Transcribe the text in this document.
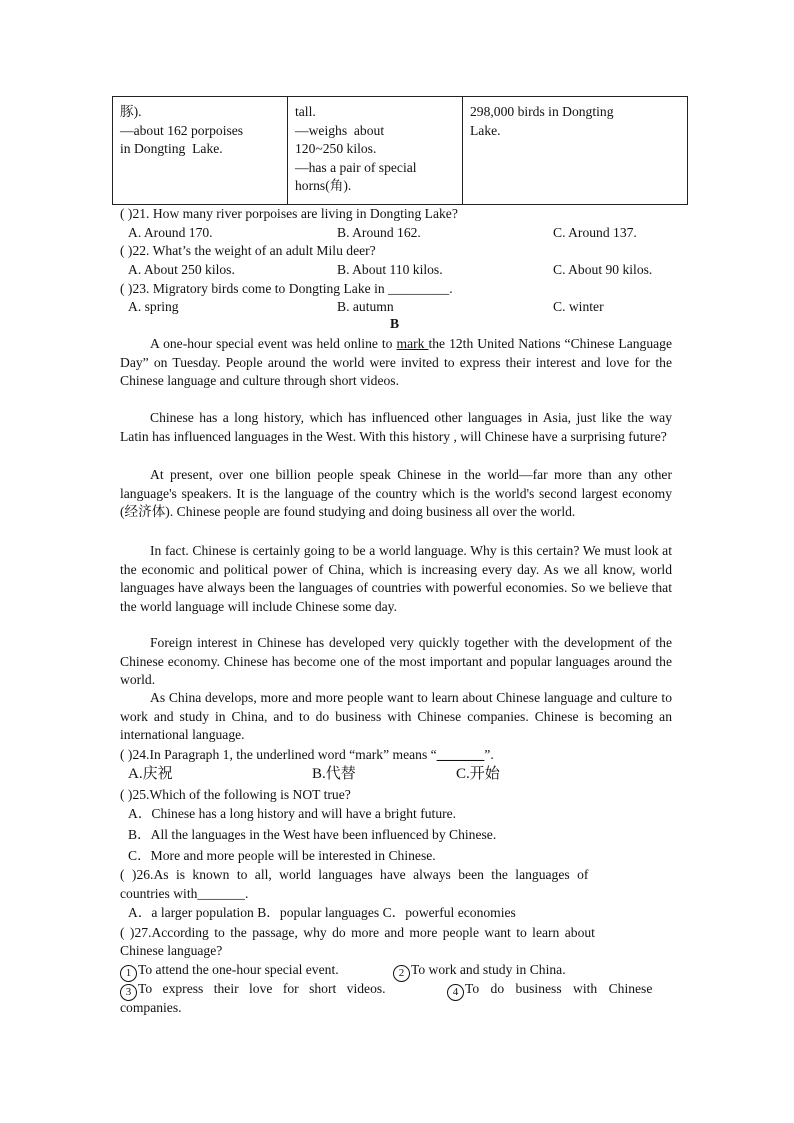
豚).
—about 162 porpoises
in Dongting  Lake.

tall.
—weighs  about
120~250 kilos.
—has a pair of special
horns(角).

298,000 birds in Dongting
Lake.
( )21. How many river porpoises are living in Dongting Lake?
A. Around 170.	B. Around 162.	C. Around 137.
( )22. What’s the weight of an adult Milu deer?
A. About 250 kilos.	B. About 110 kilos.	C. About 90 kilos.
( )23. Migratory birds come to Dongting Lake in _________.
A. spring	B. autumn	C. winter
B
A one-hour special event was held online to mark the 12th United Nations “Chinese Language Day” on Tuesday. People around the world were invited to express their interest and love for the Chinese language and culture through short videos.
Chinese has a long history, which has influenced other languages in Asia, just like the way Latin has influenced languages in the West. With this history , will Chinese have a surprising future?
At present, over one billion people speak Chinese in the world—far more than any other language's speakers. It is the language of the country which is the world's second largest economy (经济体). Chinese people are found studying and doing business all over the world.
In fact. Chinese is certainly going to be a world language. Why is this certain? We must look at the economic and political power of China, which is increasing every day. As we all know, world languages have always been the languages of countries with powerful economies. So we believe that the world language will include Chinese some day.
Foreign interest in Chinese has developed very quickly together with the development of the Chinese economy. Chinese has become one of the most important and popular languages around the world.
As China develops, more and more people want to learn about Chinese language and culture to work and study in China, and to do business with Chinese companies. Chinese is becoming an international language.
( )24.In Paragraph 1, the underlined word “mark” means “_______”.
A.庆祝	B.代替	C.开始
( )25.Which of the following is NOT true?
A．Chinese has a long history and will have a bright future.
B．All the languages in the West have been influenced by Chinese.
C．More and more people will be interested in Chinese.
( )26.As is known to all, world languages have always been the languages of
countries with_______.
A．a larger population B．popular languages C．powerful economies
( )27.According to the passage, why do more and more people want to learn about
Chinese language?
1 To attend the one-hour special event.	2 To work and study in China.
3 To express their love for short videos.	4 To do business with Chinese
companies.
